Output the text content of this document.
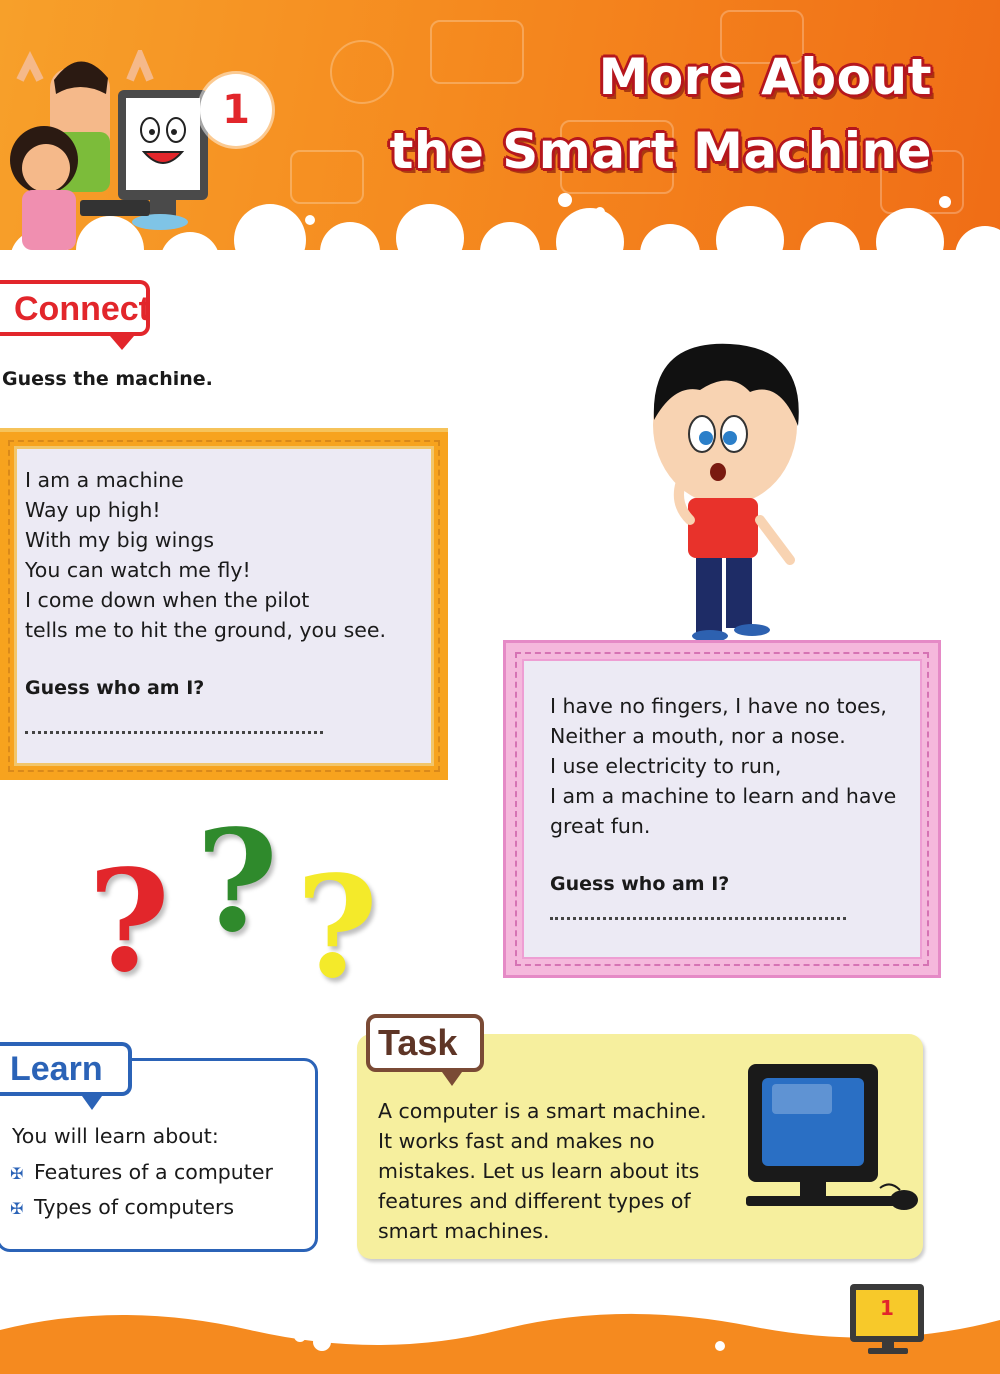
1
More About
the Smart Machine
Connect
Guess the machine.
I am a machine
Way up high!
With my big wings
You can watch me fly!
I come down when the pilot
tells me to hit the ground, you see.
Guess who am I?
I have no fingers, I have no toes,
Neither a mouth, nor a nose.
I use electricity to run,
I am a machine to learn and have
great fun.
Guess who am I?
? ? ?
Learn
You will learn about:
✠ Features of a computer
✠ Types of computers
Task
A computer is a smart machine.
It works fast and makes no
mistakes. Let us learn about its
features and different types of
smart machines.
1
